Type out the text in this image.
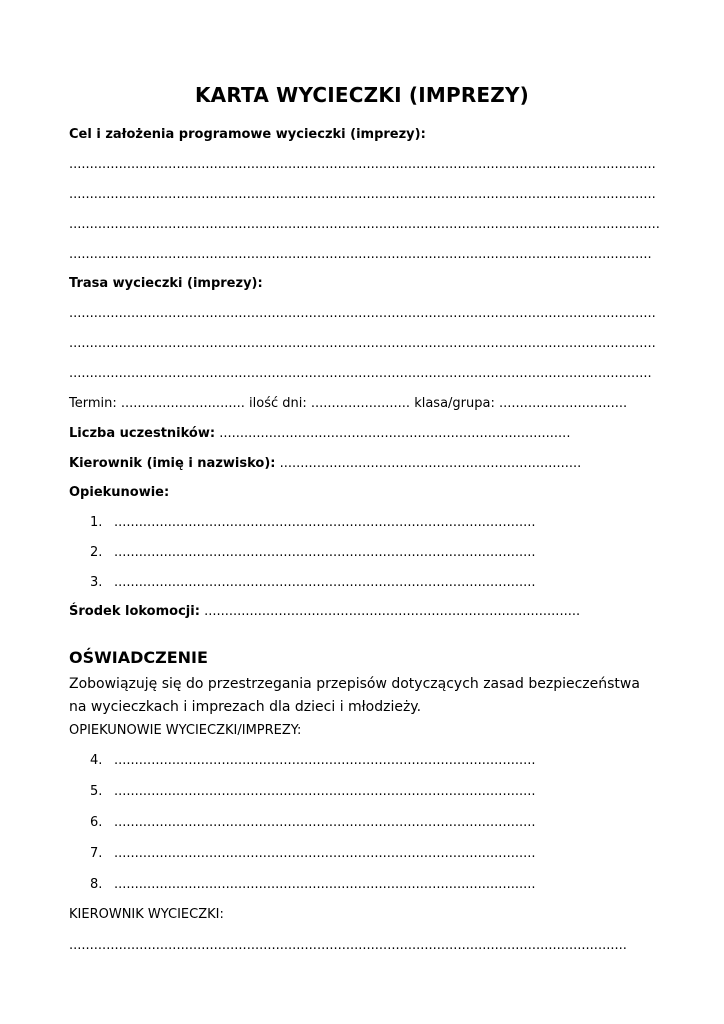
KARTA WYCIECZKI (IMPREZY)
Cel i założenia programowe wycieczki (imprezy):
..............................................................................................................................................
..............................................................................................................................................
...............................................................................................................................................
.............................................................................................................................................
Trasa wycieczki (imprezy):
..............................................................................................................................................
..............................................................................................................................................
.............................................................................................................................................
Termin: .............................. ilość dni: ........................ klasa/grupa: ...............................
Liczba uczestników: .....................................................................................
Kierownik (imię i nazwisko): .........................................................................
Opiekunowie:
1. ......................................................................................................
2. ......................................................................................................
3. ......................................................................................................
Środek lokomocji: ...........................................................................................
OŚWIADCZENIE
Zobowiązuję się do przestrzegania przepisów dotyczących zasad bezpieczeństwa na wycieczkach i imprezach dla dzieci i młodzieży.
OPIEKUNOWIE WYCIECZKI/IMPREZY:
4. ......................................................................................................
5. ......................................................................................................
6. ......................................................................................................
7. ......................................................................................................
8. ......................................................................................................
KIEROWNIK WYCIECZKI:
.......................................................................................................................................
